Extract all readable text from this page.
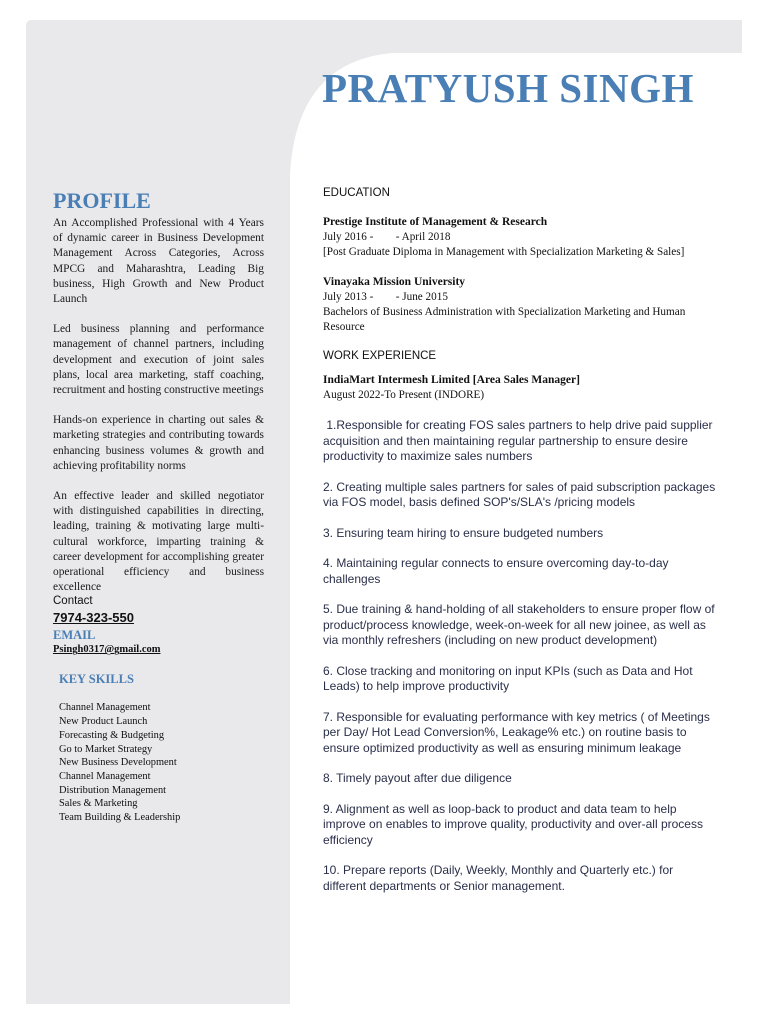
PRATYUSH SINGH
PROFILE

An Accomplished Professional with 4 Years of dynamic career in Business Development Management Across Categories, Across MPCG and Maharashtra, Leading Big business, High Growth and New Product Launch

Led business planning and performance management of channel partners, including development and execution of joint sales plans, local area marketing, staff coaching, recruitment and hosting constructive meetings

Hands-on experience in charting out sales & marketing strategies and contributing towards enhancing business volumes & growth and achieving profitability norms

An effective leader and skilled negotiator with distinguished capabilities in directing, leading, training & motivating large multi-cultural workforce, imparting training & career development for accomplishing greater operational efficiency and business excellence

Contact
7974-323-550
EMAIL
Psingh0317@gmail.com
KEY SKILLS
Channel Management
New Product Launch
Forecasting & Budgeting
Go to Market Strategy
New Business Development
Channel Management
Distribution Management
Sales & Marketing
Team Building & Leadership
EDUCATION
Prestige Institute of Management & Research
July 2016 -        - April 2018
[Post Graduate Diploma in Management with Specialization Marketing & Sales]
Vinayaka Mission University
July 2013 -        - June 2015
Bachelors of Business Administration with Specialization Marketing and Human Resource
WORK EXPERIENCE
IndiaMart Intermesh Limited [Area Sales Manager]
August 2022-To Present (INDORE)

1.Responsible for creating FOS sales partners to help drive paid supplier acquisition and then maintaining regular partnership to ensure desire productivity to maximize sales numbers

2. Creating multiple sales partners for sales of paid subscription packages via FOS model, basis defined SOP's/SLA's /pricing models

3. Ensuring team hiring to ensure budgeted numbers

4. Maintaining regular connects to ensure overcoming day-to-day challenges

5. Due training & hand-holding of all stakeholders to ensure proper flow of product/process knowledge, week-on-week for all new joinee, as well as via monthly refreshers (including on new product development)

6. Close tracking and monitoring on input KPIs (such as Data and Hot Leads) to help improve productivity

7. Responsible for evaluating performance with key metrics ( of Meetings per Day/ Hot Lead Conversion%, Leakage% etc.) on routine basis to ensure optimized productivity as well as ensuring minimum leakage

8. Timely payout after due diligence

9. Alignment as well as loop-back to product and data team to help improve on enables to improve quality, productivity and over-all process efficiency

10. Prepare reports (Daily, Weekly, Monthly and Quarterly etc.) for different departments or Senior management.
